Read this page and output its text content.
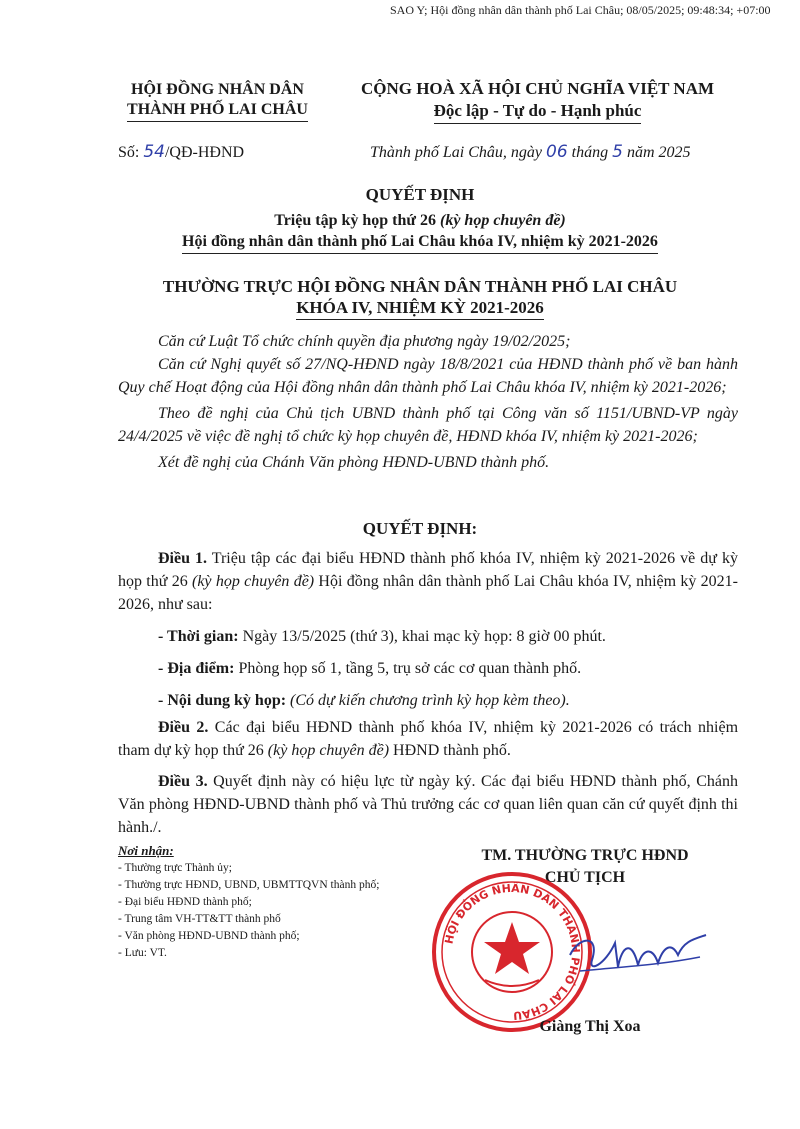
SAO Y; Hội đồng nhân dân thành phố Lai Châu; 08/05/2025; 09:48:34; +07:00
HỘI ĐỒNG NHÂN DÂN
THÀNH PHỐ LAI CHÂU
CỘNG HOÀ XÃ HỘI CHỦ NGHĨA VIỆT NAM
Độc lập - Tự do - Hạnh phúc
Số: 54/QĐ-HĐND	Thành phố Lai Châu, ngày 06 tháng 5 năm 2025
QUYẾT ĐỊNH
Triệu tập kỳ họp thứ 26 (kỳ họp chuyên đề)
Hội đồng nhân dân thành phố Lai Châu khóa IV, nhiệm kỳ 2021-2026
THƯỜNG TRỰC HỘI ĐỒNG NHÂN DÂN THÀNH PHỐ LAI CHÂU
KHÓA IV, NHIỆM KỲ 2021-2026
Căn cứ Luật Tổ chức chính quyền địa phương ngày 19/02/2025;
Căn cứ Nghị quyết số 27/NQ-HĐND ngày 18/8/2021 của HĐND thành phố về ban hành Quy chế Hoạt động của Hội đồng nhân dân thành phố Lai Châu khóa IV, nhiệm kỳ 2021-2026;
Theo đề nghị của Chủ tịch UBND thành phố tại Công văn số 1151/UBND-VP ngày 24/4/2025 về việc đề nghị tổ chức kỳ họp chuyên đề, HĐND khóa IV, nhiệm kỳ 2021-2026;
Xét đề nghị của Chánh Văn phòng HĐND-UBND thành phố.
QUYẾT ĐỊNH:
Điều 1. Triệu tập các đại biểu HĐND thành phố khóa IV, nhiệm kỳ 2021-2026 về dự kỳ họp thứ 26 (kỳ họp chuyên đề) Hội đồng nhân dân thành phố Lai Châu khóa IV, nhiệm kỳ 2021-2026, như sau:
- Thời gian: Ngày 13/5/2025 (thứ 3), khai mạc kỳ họp: 8 giờ 00 phút.
- Địa điểm: Phòng họp số 1, tầng 5, trụ sở các cơ quan thành phố.
- Nội dung kỳ họp: (Có dự kiến chương trình kỳ họp kèm theo).
Điều 2. Các đại biểu HĐND thành phố khóa IV, nhiệm kỳ 2021-2026 có trách nhiệm tham dự kỳ họp thứ 26 (kỳ họp chuyên đề) HĐND thành phố.
Điều 3. Quyết định này có hiệu lực từ ngày ký. Các đại biểu HĐND thành phố, Chánh Văn phòng HĐND-UBND thành phố và Thủ trưởng các cơ quan liên quan căn cứ quyết định thi hành./.
Nơi nhận:
- Thường trực Thành ủy;
- Thường trực HĐND, UBND, UBMTTQVN thành phố;
- Đại biểu HĐND thành phố;
- Trung tâm VH-TT&TT thành phố
- Văn phòng HĐND-UBND thành phố;
- Lưu: VT.
TM. THƯỜNG TRỰC HĐND
CHỦ TỊCH
HỘI ĐỒNG NHÂN DÂN THÀNH PHỐ LAI CHÂU
Giàng Thị Xoa
